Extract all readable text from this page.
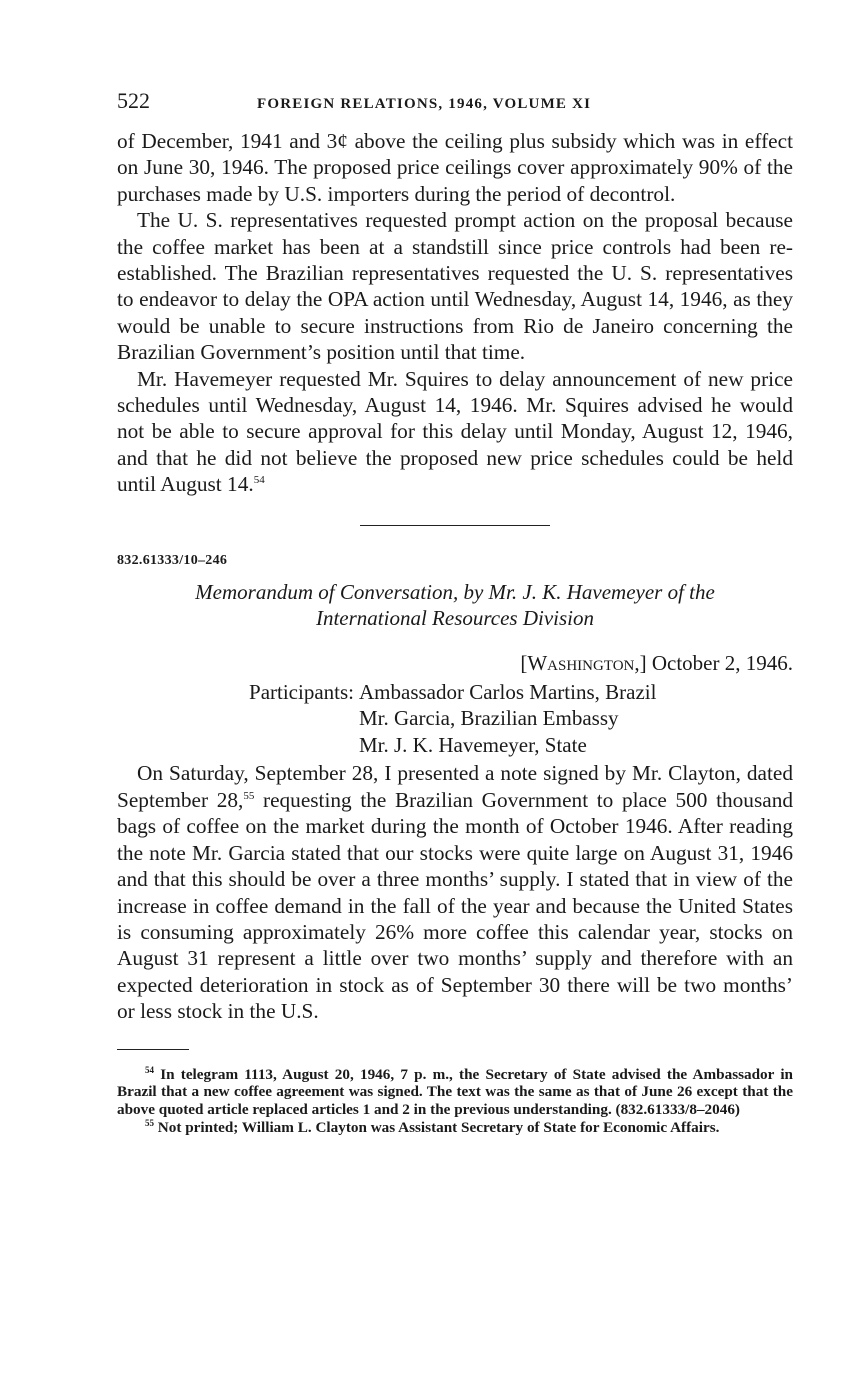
522	FOREIGN RELATIONS, 1946, VOLUME XI

of December, 1941 and 3¢ above the ceiling plus subsidy which was in effect on June 30, 1946. The proposed price ceilings cover approximately 90% of the purchases made by U.S. importers during the period of decontrol.

The U. S. representatives requested prompt action on the proposal because the coffee market has been at a standstill since price controls had been re-established. The Brazilian representatives requested the U. S. representatives to endeavor to delay the OPA action until Wednesday, August 14, 1946, as they would be unable to secure instructions from Rio de Janeiro concerning the Brazilian Government’s position until that time.

Mr. Havemeyer requested Mr. Squires to delay announcement of new price schedules until Wednesday, August 14, 1946. Mr. Squires advised he would not be able to secure approval for this delay until Monday, August 12, 1946, and that he did not believe the proposed new price schedules could be held until August 14.54

832.61333/10–246
Memorandum of Conversation, by Mr. J. K. Havemeyer of the
International Resources Division
[Washington,] October 2, 1946.
Participants: Ambassador Carlos Martins, Brazil
Mr. Garcia, Brazilian Embassy
Mr. J. K. Havemeyer, State

On Saturday, September 28, I presented a note signed by Mr. Clayton, dated September 28,55 requesting the Brazilian Government to place 500 thousand bags of coffee on the market during the month of October 1946. After reading the note Mr. Garcia stated that our stocks were quite large on August 31, 1946 and that this should be over a three months’ supply. I stated that in view of the increase in coffee demand in the fall of the year and because the United States is consuming approximately 26% more coffee this calendar year, stocks on August 31 represent a little over two months’ supply and therefore with an expected deterioration in stock as of September 30 there will be two months’ or less stock in the U.S.

$^{54}$ In telegram 1113, August 20, 1946, 7 p. m., the Secretary of State advised the Ambassador in Brazil that a new coffee agreement was signed. The text was the same as that of June 26 except that the above quoted article replaced articles 1 and 2 in the previous understanding. (832.61333/8–2046)

$^{55}$ Not printed; William L. Clayton was Assistant Secretary of State for Economic Affairs.
